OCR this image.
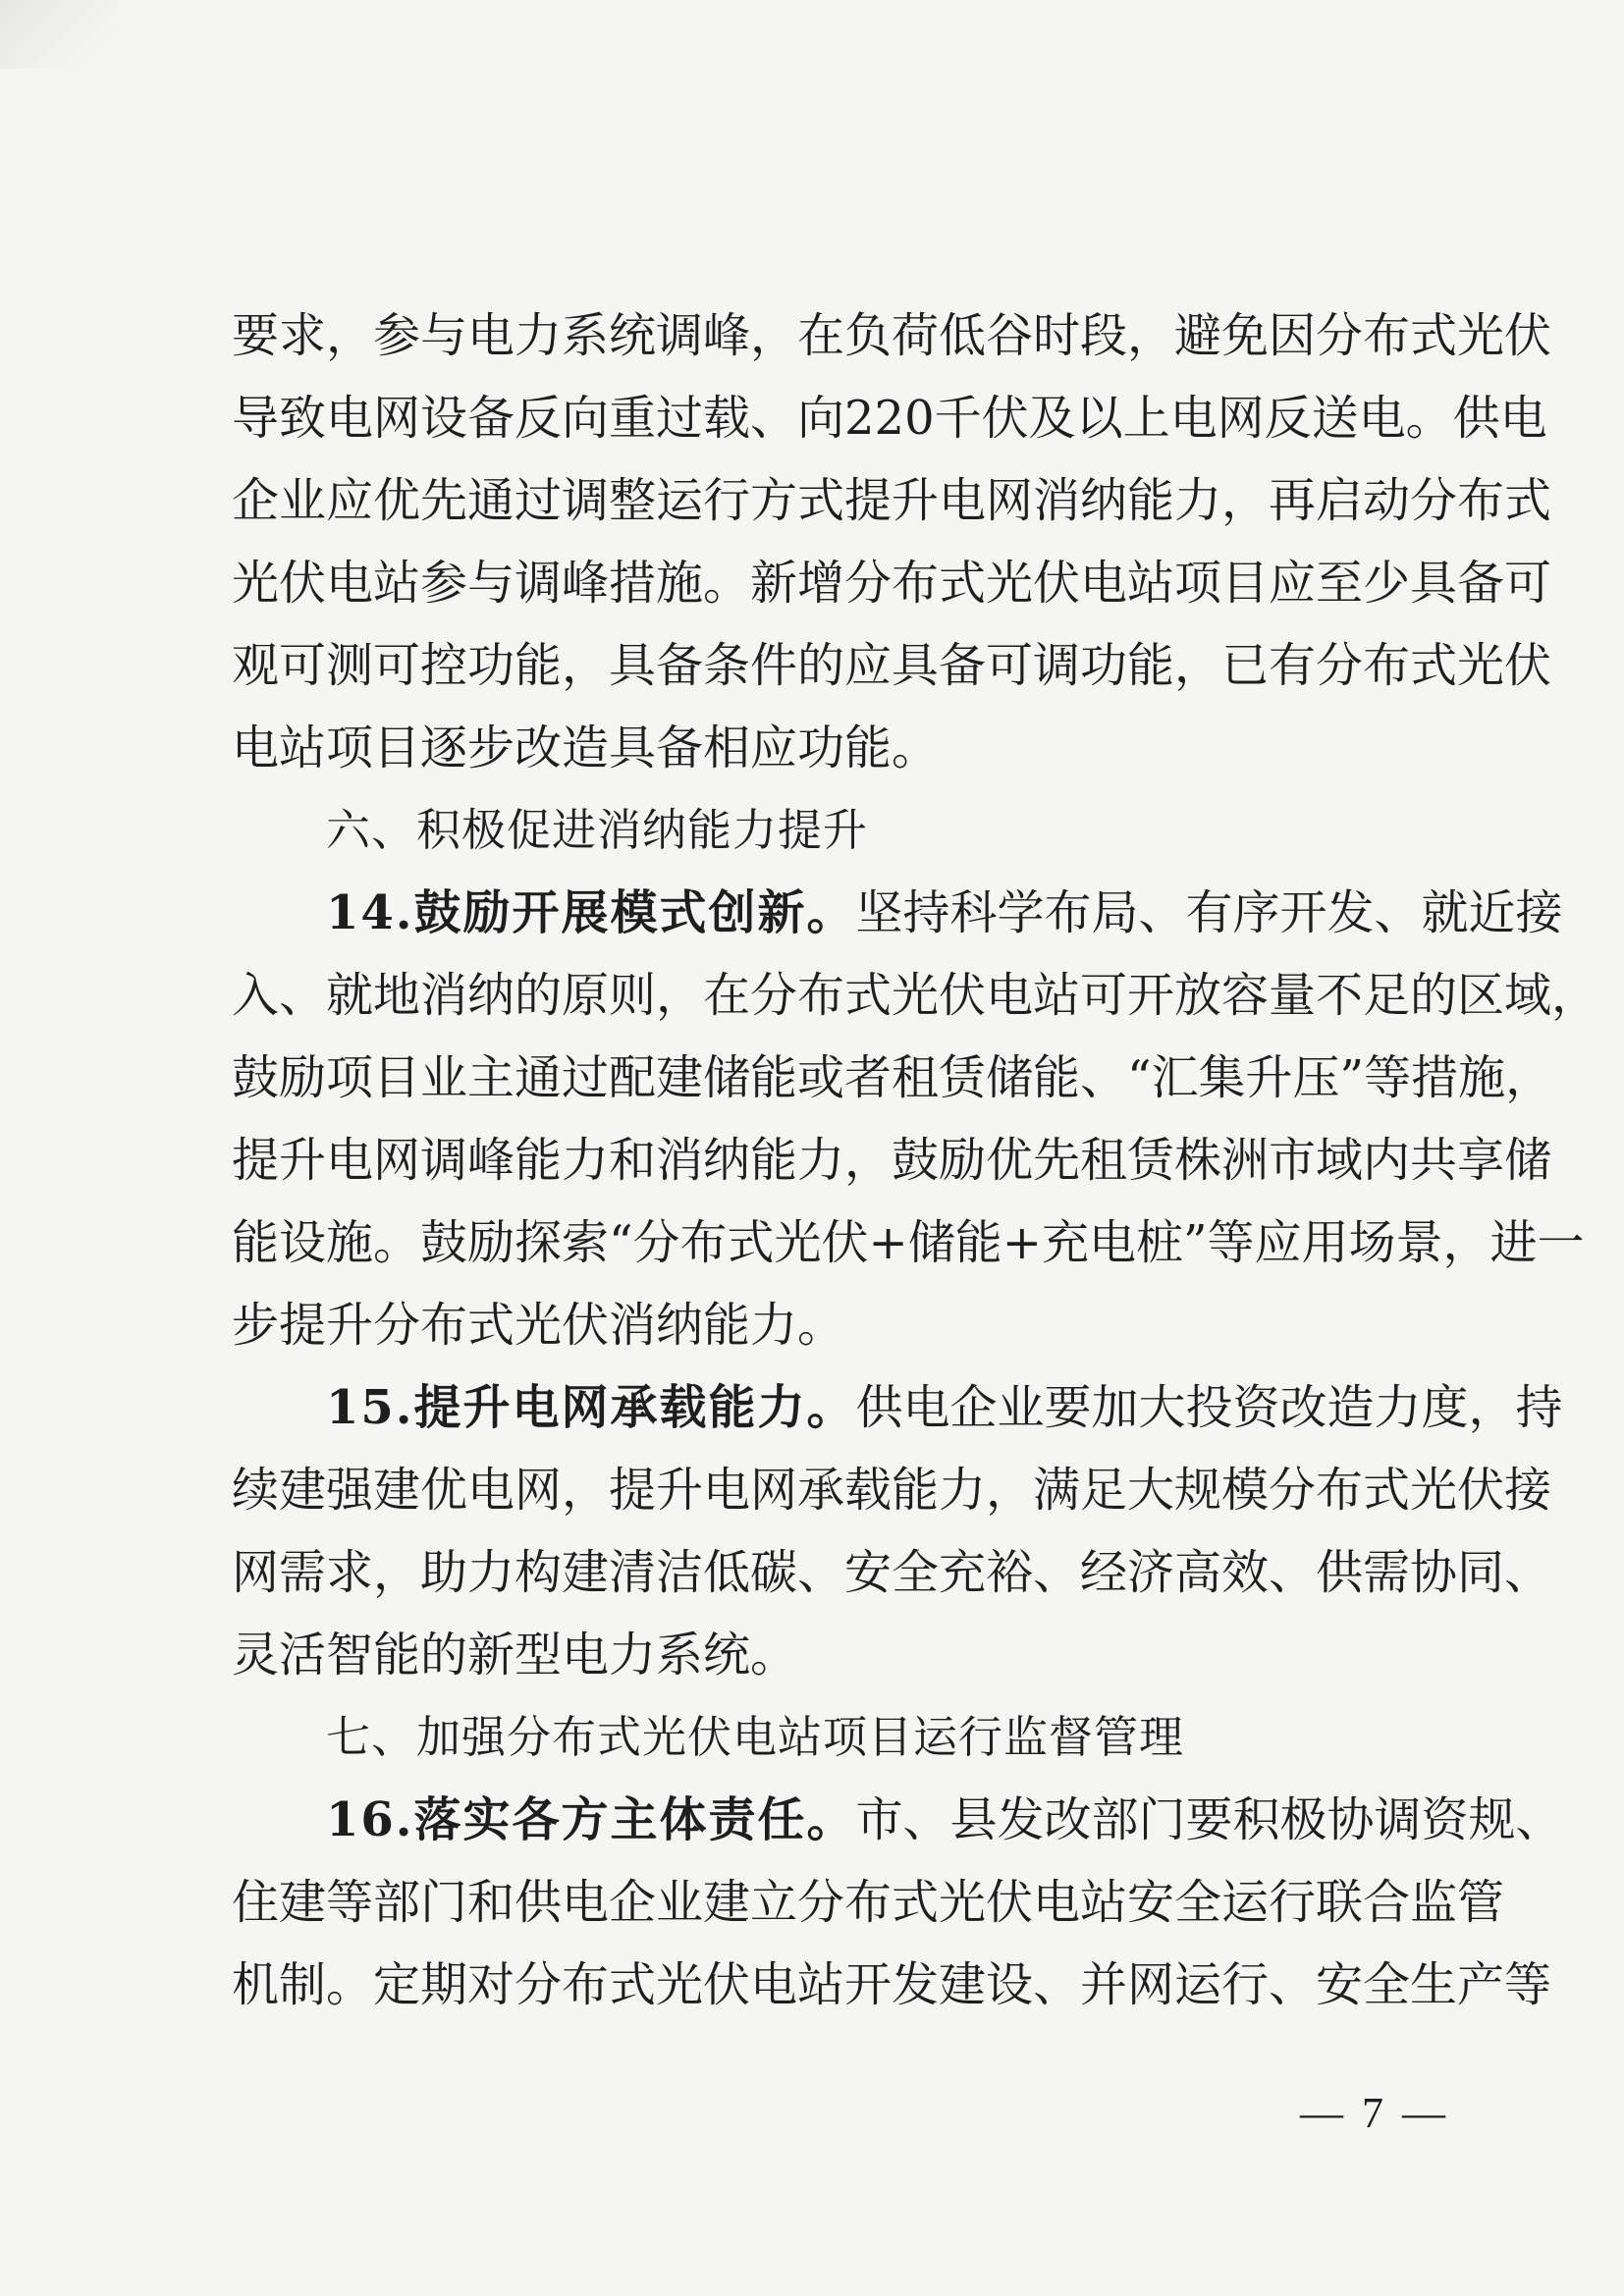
要求，参与电力系统调峰，在负荷低谷时段，避免因分布式光伏
导致电网设备反向重过载、向220千伏及以上电网反送电。供电
企业应优先通过调整运行方式提升电网消纳能力，再启动分布式
光伏电站参与调峰措施。新增分布式光伏电站项目应至少具备可
观可测可控功能，具备条件的应具备可调功能，已有分布式光伏
电站项目逐步改造具备相应功能。
六、积极促进消纳能力提升
14.鼓励开展模式创新。坚持科学布局、有序开发、就近接
入、就地消纳的原则，在分布式光伏电站可开放容量不足的区域，
鼓励项目业主通过配建储能或者租赁储能、“汇集升压”等措施，
提升电网调峰能力和消纳能力，鼓励优先租赁株洲市域内共享储
能设施。鼓励探索“分布式光伏+储能+充电桩”等应用场景，进一
步提升分布式光伏消纳能力。
15.提升电网承载能力。供电企业要加大投资改造力度，持
续建强建优电网，提升电网承载能力，满足大规模分布式光伏接
网需求，助力构建清洁低碳、安全充裕、经济高效、供需协同、
灵活智能的新型电力系统。
七、加强分布式光伏电站项目运行监督管理
16.落实各方主体责任。市、县发改部门要积极协调资规、
住建等部门和供电企业建立分布式光伏电站安全运行联合监管
机制。定期对分布式光伏电站开发建设、并网运行、安全生产等
— 7 —
